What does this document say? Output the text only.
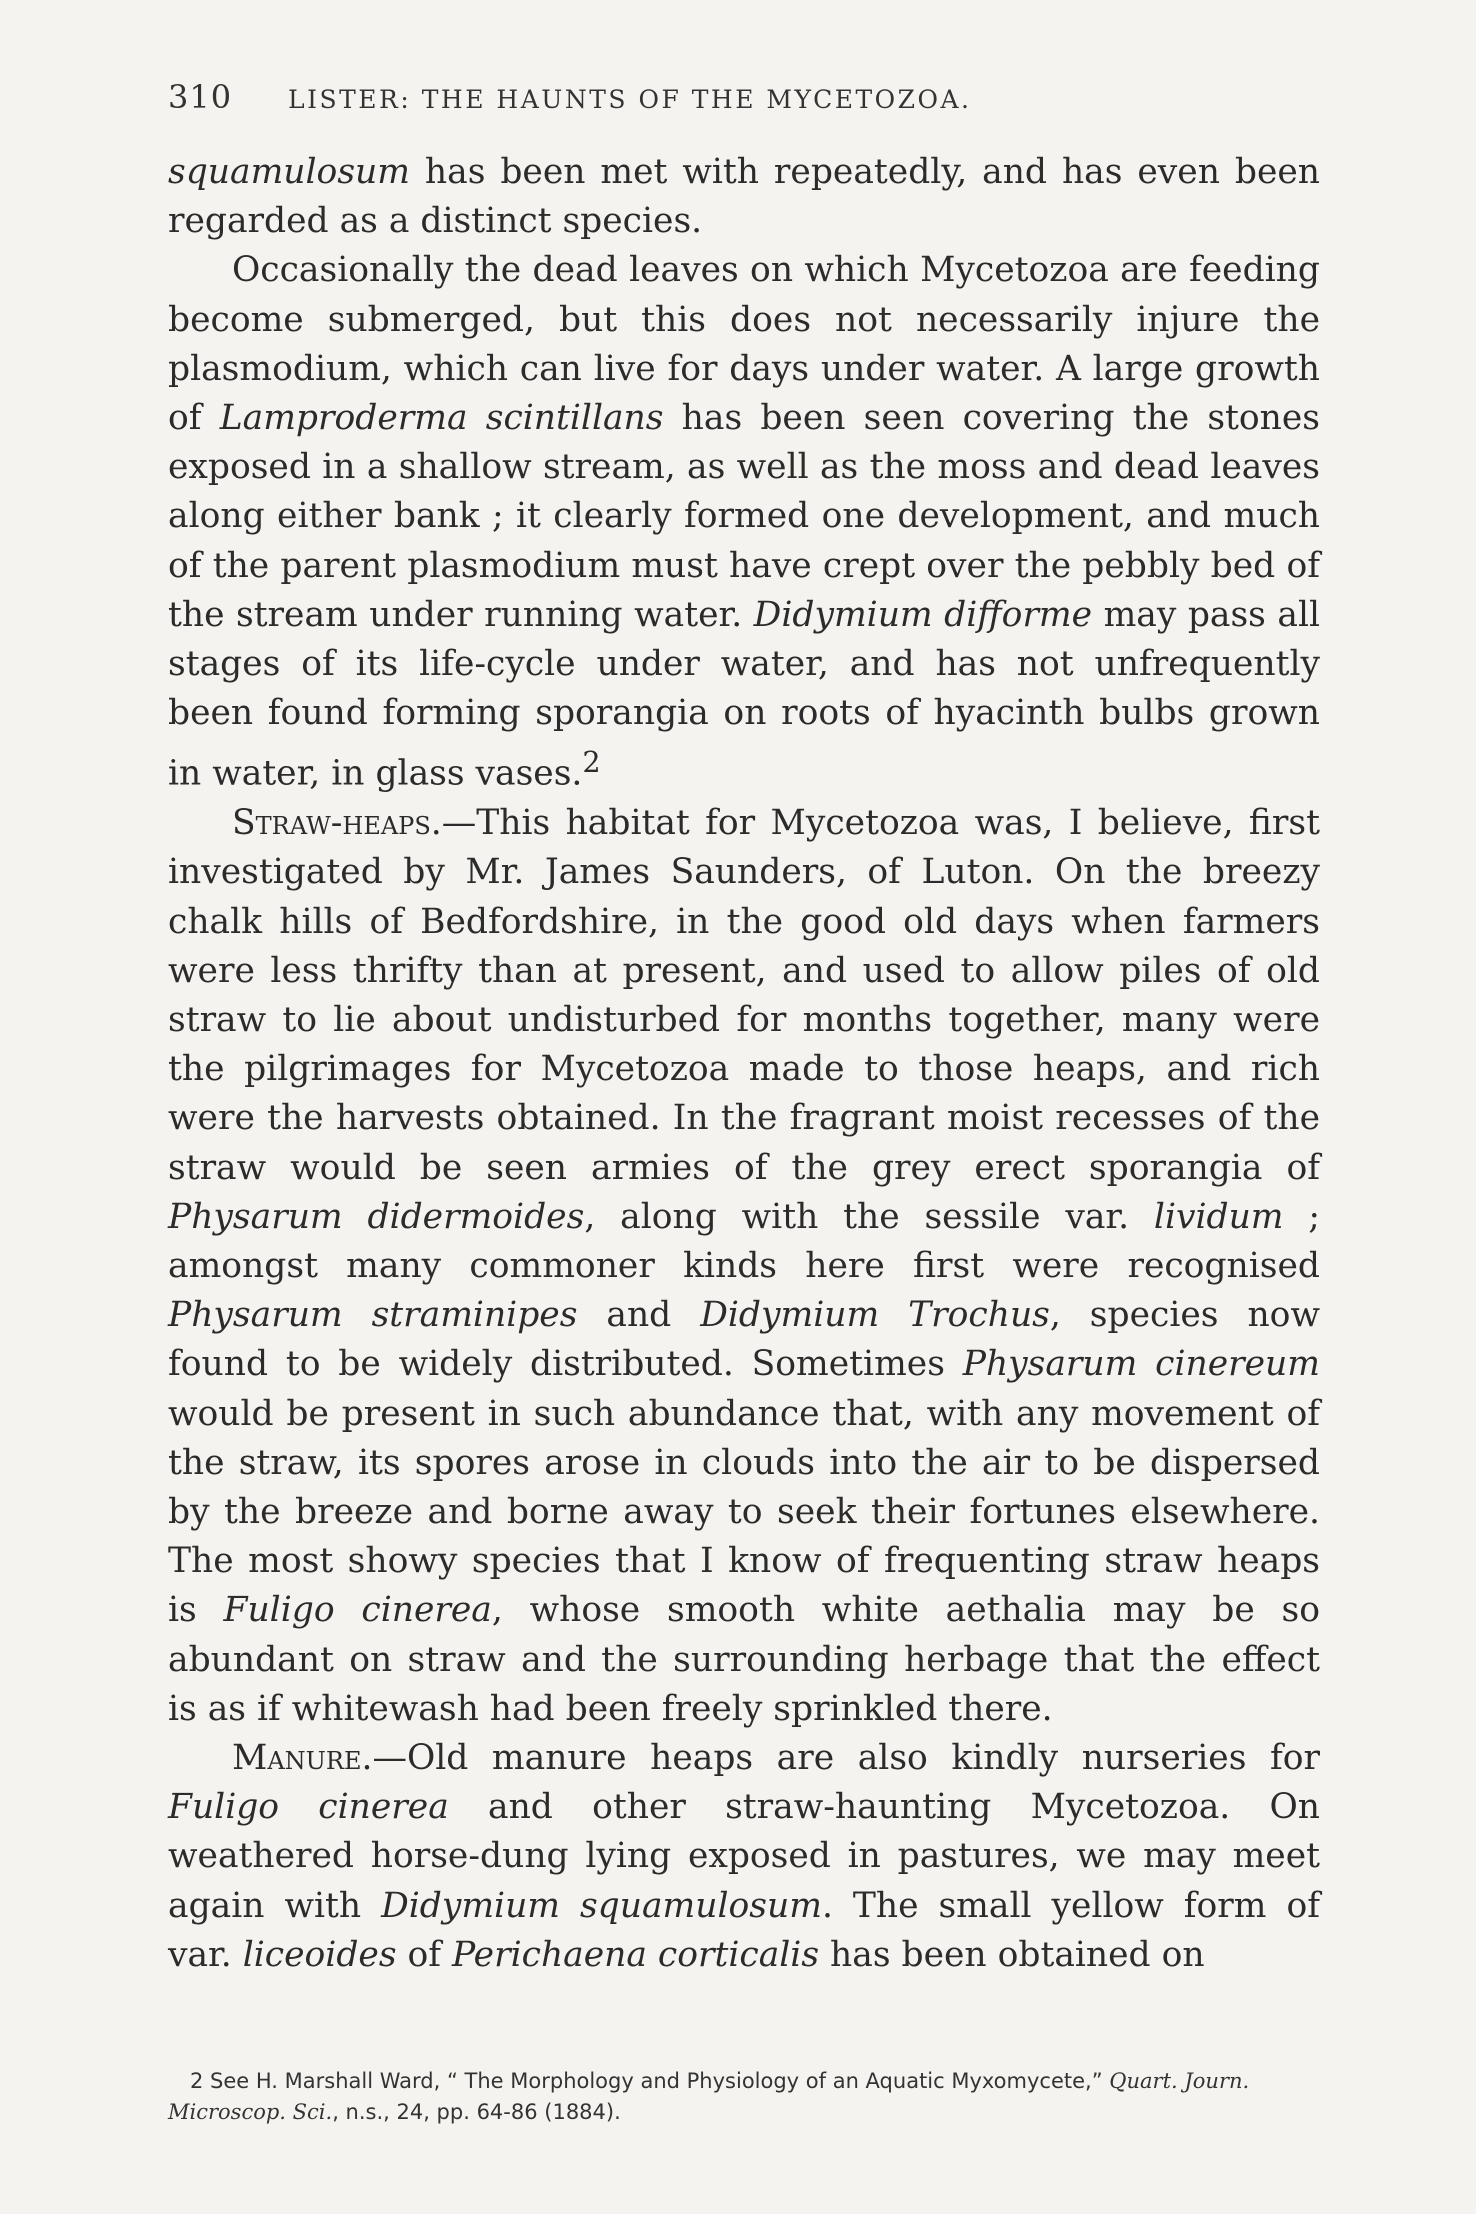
310	LISTER: THE HAUNTS OF THE MYCETOZOA.

squamulosum has been met with repeatedly, and has even been regarded as a distinct species.

Occasionally the dead leaves on which Mycetozoa are feeding become submerged, but this does not necessarily injure the plasmodium, which can live for days under water. A large growth of Lamproderma scintillans has been seen covering the stones exposed in a shallow stream, as well as the moss and dead leaves along either bank ; it clearly formed one development, and much of the parent plasmodium must have crept over the pebbly bed of the stream under running water. Didymium difforme may pass all stages of its life-cycle under water, and has not unfrequently been found forming sporangia on roots of hyacinth bulbs grown in water, in glass vases.$^2$

Straw-heaps.—This habitat for Mycetozoa was, I believe, first investigated by Mr. James Saunders, of Luton. On the breezy chalk hills of Bedfordshire, in the good old days when farmers were less thrifty than at present, and used to allow piles of old straw to lie about undisturbed for months together, many were the pilgrimages for Mycetozoa made to those heaps, and rich were the harvests obtained. In the fragrant moist recesses of the straw would be seen armies of the grey erect sporangia of Physarum didermoides, along with the sessile var. lividum ; amongst many commoner kinds here first were recognised Physarum straminipes and Didymium Trochus, species now found to be widely distributed. Sometimes Physarum cinereum would be present in such abundance that, with any movement of the straw, its spores arose in clouds into the air to be dispersed by the breeze and borne away to seek their fortunes elsewhere. The most showy species that I know of frequenting straw heaps is Fuligo cinerea, whose smooth white aethalia may be so abundant on straw and the surrounding herbage that the effect is as if whitewash had been freely sprinkled there.

Manure.—Old manure heaps are also kindly nurseries for Fuligo cinerea and other straw-haunting Mycetozoa. On weathered horse-dung lying exposed in pastures, we may meet again with Didymium squamulosum. The small yellow form of var. liceoides of Perichaena corticalis has been obtained on

2 See H. Marshall Ward, “ The Morphology and Physiology of an Aquatic Myxomycete,” Quart. Journ. Microscop. Sci., n.s., 24, pp. 64-86 (1884).
